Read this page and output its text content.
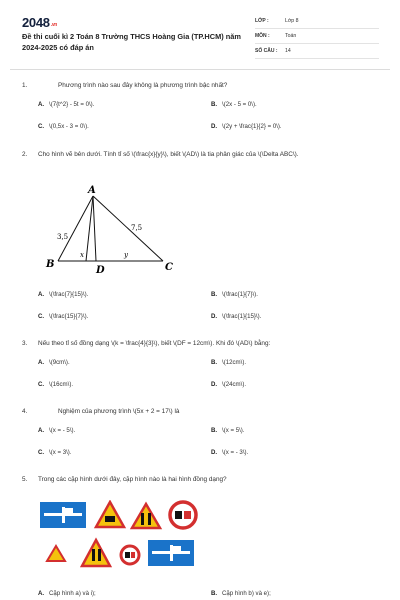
$2048^{.vn}$
Đề thi cuối kì 2 Toán 8 Trường THCS Hoàng Gia (TP.HCM) năm 2024-2025 có đáp án
LỚP :	Lớp 8
MÔN :	Toán
SỐ CÂU :	14
1.	Phương trình nào sau đây không là phương trình bậc nhất?
A. \(7{t^2} - 5t = 0\).	B. \(2x - 5 = 0\).
C. \(0,5x - 3 = 0\).	D. \(2y + \frac{1}{2} = 0\).
2. Cho hình vẽ bên dưới. Tính tỉ số \(\frac{x}{y}\), biết \(AD\) là tia phân giác của \(\Delta ABC\).
A
B	C
D
3,5
7,5
x	y
A. \(\frac{7}{15}\).	B. \(\frac{1}{7}\).
C. \(\frac{15}{7}\).	D. \(\frac{1}{15}\).
3. Nếu theo tỉ số đồng dạng \(k = \frac{4}{3}\), biết \(DF = 12cm\). Khi đó \(AD\) bằng:
A. \(9cm\).	B. \(12cm\).
C. \(16cm\).	D. \(24cm\).
4.	Nghiệm của phương trình \(5x + 2 = 17\) là
A. \(x = - 5\).	B. \(x = 5\).
C. \(x = 3\).	D. \(x = - 3\).
5. Trong các cặp hình dưới đây, cặp hình nào là hai hình đồng dạng?
A. Cặp hình a) và i);	B. Cặp hình b) và e);
